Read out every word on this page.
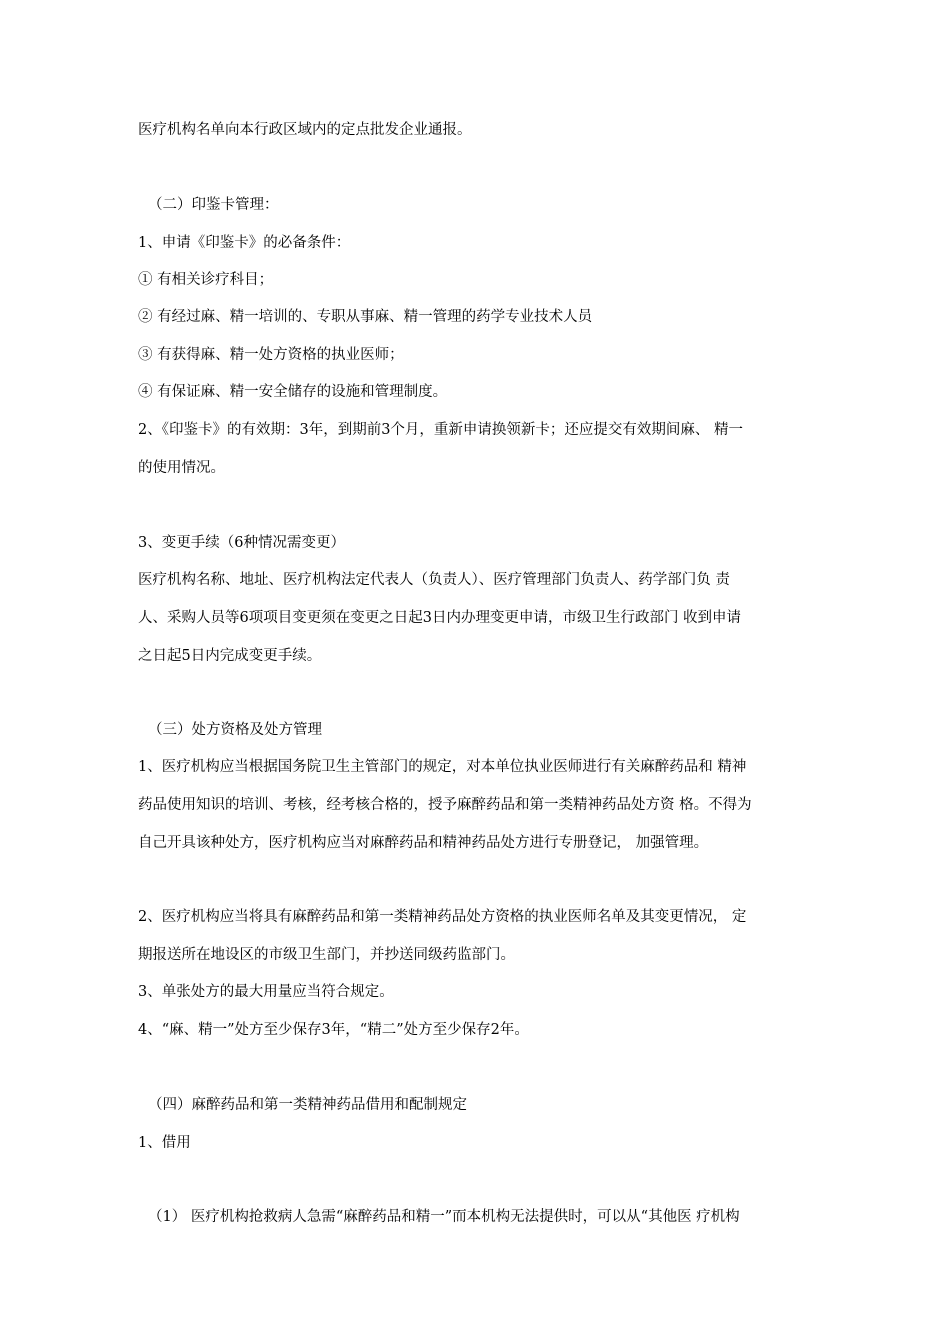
医疗机构名单向本行政区域内的定点批发企业通报。
（二）印鉴卡管理：
1、申请《印鉴卡》的必备条件：
① 有相关诊疗科目；
② 有经过麻、精一培训的、专职从事麻、精一管理的药学专业技术人员
③ 有获得麻、精一处方资格的执业医师；
④ 有保证麻、精一安全储存的设施和管理制度。
2、《印鉴卡》的有效期：3年，到期前3个月，重新申请换领新卡；还应提交有效期间麻、 精一
的使用情况。
3、变更手续（6种情况需变更）
医疗机构名称、地址、医疗机构法定代表人（负责人）、医疗管理部门负责人、药学部门负 责
人、采购人员等6项项目变更须在变更之日起3日内办理变更申请，市级卫生行政部门 收到申请
之日起5日内完成变更手续。
（三）处方资格及处方管理
1、医疗机构应当根据国务院卫生主管部门的规定，对本单位执业医师进行有关麻醉药品和 精神
药品使用知识的培训、考核，经考核合格的，授予麻醉药品和第一类精神药品处方资 格。不得为
自己开具该种处方，医疗机构应当对麻醉药品和精神药品处方进行专册登记， 加强管理。
2、医疗机构应当将具有麻醉药品和第一类精神药品处方资格的执业医师名单及其变更情况， 定
期报送所在地设区的市级卫生部门，并抄送同级药监部门。
3、单张处方的最大用量应当符合规定。
4、“麻、精一”处方至少保存3年，“精二”处方至少保存2年。
（四）麻醉药品和第一类精神药品借用和配制规定
1、借用
（1） 医疗机构抢救病人急需“麻醉药品和精一”而本机构无法提供时，可以从“其他医 疗机构
